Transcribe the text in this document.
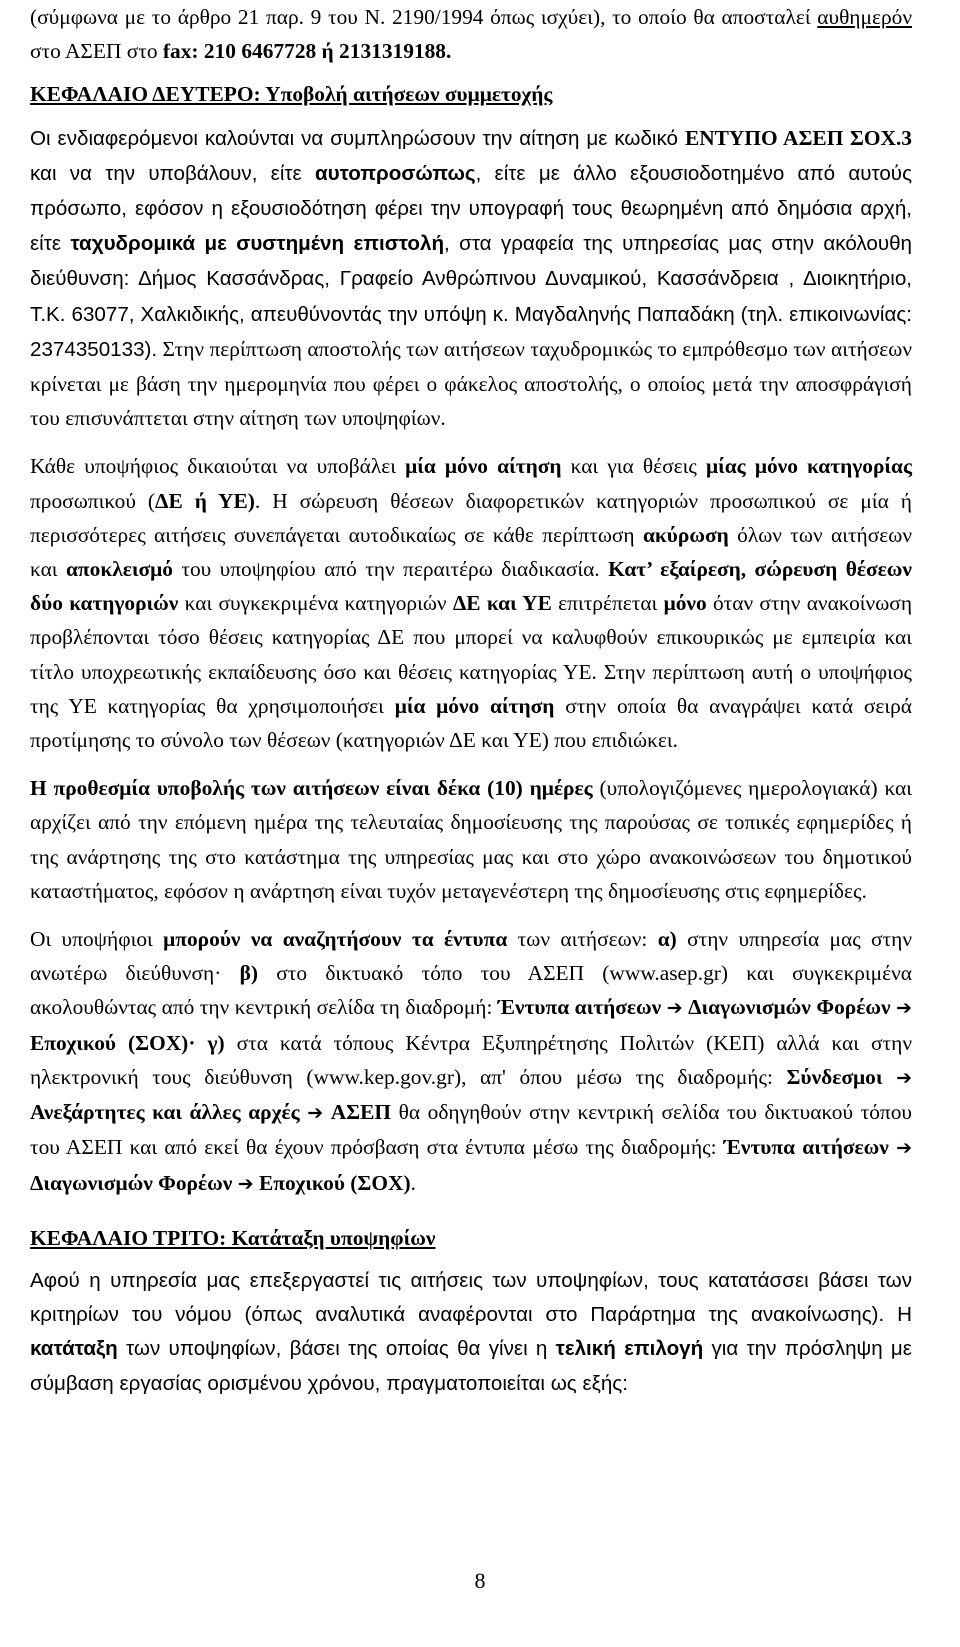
(σύμφωνα με το άρθρο 21 παρ. 9 του Ν. 2190/1994 όπως ισχύει), το οποίο θα αποσταλεί αυθημερόν στο ΑΣΕΠ στο fax: 210 6467728 ή 2131319188.

ΚΕΦΑΛΑΙΟ ΔΕΥΤΕΡΟ: Υποβολή αιτήσεων συμμετοχής

Οι ενδιαφερόμενοι καλούνται να συμπληρώσουν την αίτηση με κωδικό ΕΝΤΥΠΟ ΑΣΕΠ ΣΟΧ.3 και να την υποβάλουν, είτε αυτοπροσώπως, είτε με άλλο εξουσιοδοτημένο από αυτούς πρόσωπο, εφόσον η εξουσιοδότηση φέρει την υπογραφή τους θεωρημένη από δημόσια αρχή, είτε ταχυδρομικά με συστημένη επιστολή, στα γραφεία της υπηρεσίας μας στην ακόλουθη διεύθυνση: Δήμος Κασσάνδρας, Γραφείο Ανθρώπινου Δυναμικού, Κασσάνδρεια , Διοικητήριο, Τ.Κ. 63077, Χαλκιδικής, απευθύνοντάς την υπόψη κ. Μαγδαληνής Παπαδάκη (τηλ. επικοινωνίας: 2374350133). Στην περίπτωση αποστολής των αιτήσεων ταχυδρομικώς το εμπρόθεσμο των αιτήσεων κρίνεται με βάση την ημερομηνία που φέρει ο φάκελος αποστολής, ο οποίος μετά την αποσφράγισή του επισυνάπτεται στην αίτηση των υποψηφίων.

Κάθε υποψήφιος δικαιούται να υποβάλει μία μόνο αίτηση και για θέσεις μίας μόνο κατηγορίας προσωπικού (ΔΕ ή ΥΕ). Η σώρευση θέσεων διαφορετικών κατηγοριών προσωπικού σε μία ή περισσότερες αιτήσεις συνεπάγεται αυτοδικαίως σε κάθε περίπτωση ακύρωση όλων των αιτήσεων και αποκλεισμό του υποψηφίου από την περαιτέρω διαδικασία. Κατ’ εξαίρεση, σώρευση θέσεων δύο κατηγοριών και συγκεκριμένα κατηγοριών ΔΕ και ΥΕ επιτρέπεται μόνο όταν στην ανακοίνωση προβλέπονται τόσο θέσεις κατηγορίας ΔΕ που μπορεί να καλυφθούν επικουρικώς με εμπειρία και τίτλο υποχρεωτικής εκπαίδευσης όσο και θέσεις κατηγορίας ΥΕ. Στην περίπτωση αυτή ο υποψήφιος της ΥΕ κατηγορίας θα χρησιμοποιήσει μία μόνο αίτηση στην οποία θα αναγράψει κατά σειρά προτίμησης το σύνολο των θέσεων (κατηγοριών ΔΕ και ΥΕ) που επιδιώκει.

Η προθεσμία υποβολής των αιτήσεων είναι δέκα (10) ημέρες (υπολογιζόμενες ημερολογιακά) και αρχίζει από την επόμενη ημέρα της τελευταίας δημοσίευσης της παρούσας σε τοπικές εφημερίδες ή της ανάρτησης της στο κατάστημα της υπηρεσίας μας και στο χώρο ανακοινώσεων του δημοτικού καταστήματος, εφόσον η ανάρτηση είναι τυχόν μεταγενέστερη της δημοσίευσης στις εφημερίδες.

Οι υποψήφιοι μπορούν να αναζητήσουν τα έντυπα των αιτήσεων: α) στην υπηρεσία μας στην ανωτέρω διεύθυνση· β) στο δικτυακό τόπο του ΑΣΕΠ (www.asep.gr) και συγκεκριμένα ακολουθώντας από την κεντρική σελίδα τη διαδρομή: Έντυπα αιτήσεων ➔ Διαγωνισμών Φορέων ➔ Εποχικού (ΣΟΧ)· γ) στα κατά τόπους Κέντρα Εξυπηρέτησης Πολιτών (ΚΕΠ) αλλά και στην ηλεκτρονική τους διεύθυνση (www.kep.gov.gr), απ' όπου μέσω της διαδρομής: Σύνδεσμοι ➔ Ανεξάρτητες και άλλες αρχές ➔ ΑΣΕΠ θα οδηγηθούν στην κεντρική σελίδα του δικτυακού τόπου του ΑΣΕΠ και από εκεί θα έχουν πρόσβαση στα έντυπα μέσω της διαδρομής: Έντυπα αιτήσεων ➔ Διαγωνισμών Φορέων ➔ Εποχικού (ΣΟΧ).

ΚΕΦΑΛΑΙΟ ΤΡΙΤΟ: Κατάταξη υποψηφίων

Αφού η υπηρεσία μας επεξεργαστεί τις αιτήσεις των υποψηφίων, τους κατατάσσει βάσει των κριτηρίων του νόμου (όπως αναλυτικά αναφέρονται στο Παράρτημα της ανακοίνωσης). Η κατάταξη των υποψηφίων, βάσει της οποίας θα γίνει η τελική επιλογή για την πρόσληψη με σύμβαση εργασίας ορισμένου χρόνου, πραγματοποιείται ως εξής:

8
